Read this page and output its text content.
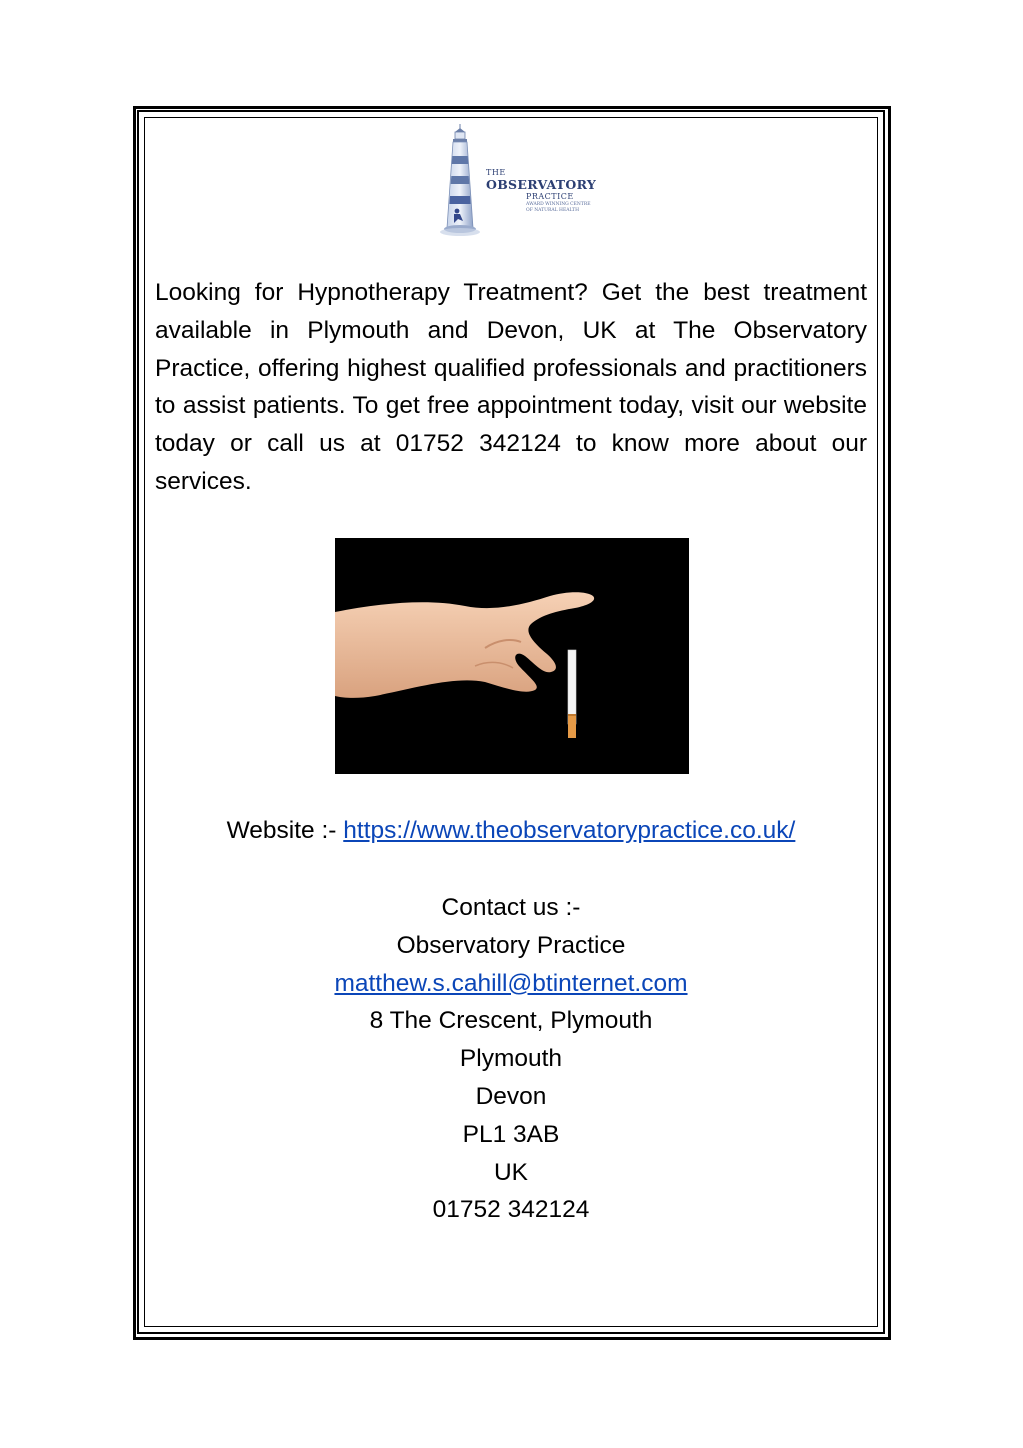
THE
OBSERVATORY
PRACTICE
AWARD WINNING CENTRE
OF NATURAL HEALTH

Looking for Hypnotherapy Treatment? Get the best treatment available in Plymouth and Devon, UK at The Observatory Practice, offering highest qualified professionals and practitioners to assist patients. To get free appointment today, visit our website today or call us at 01752 342124 to know more about our services.

Website :- https://www.theobservatorypractice.co.uk/
Contact us :-
Observatory Practice
matthew.s.cahill@btinternet.com
8 The Crescent, Plymouth
Plymouth
Devon
PL1 3AB
UK
01752 342124
